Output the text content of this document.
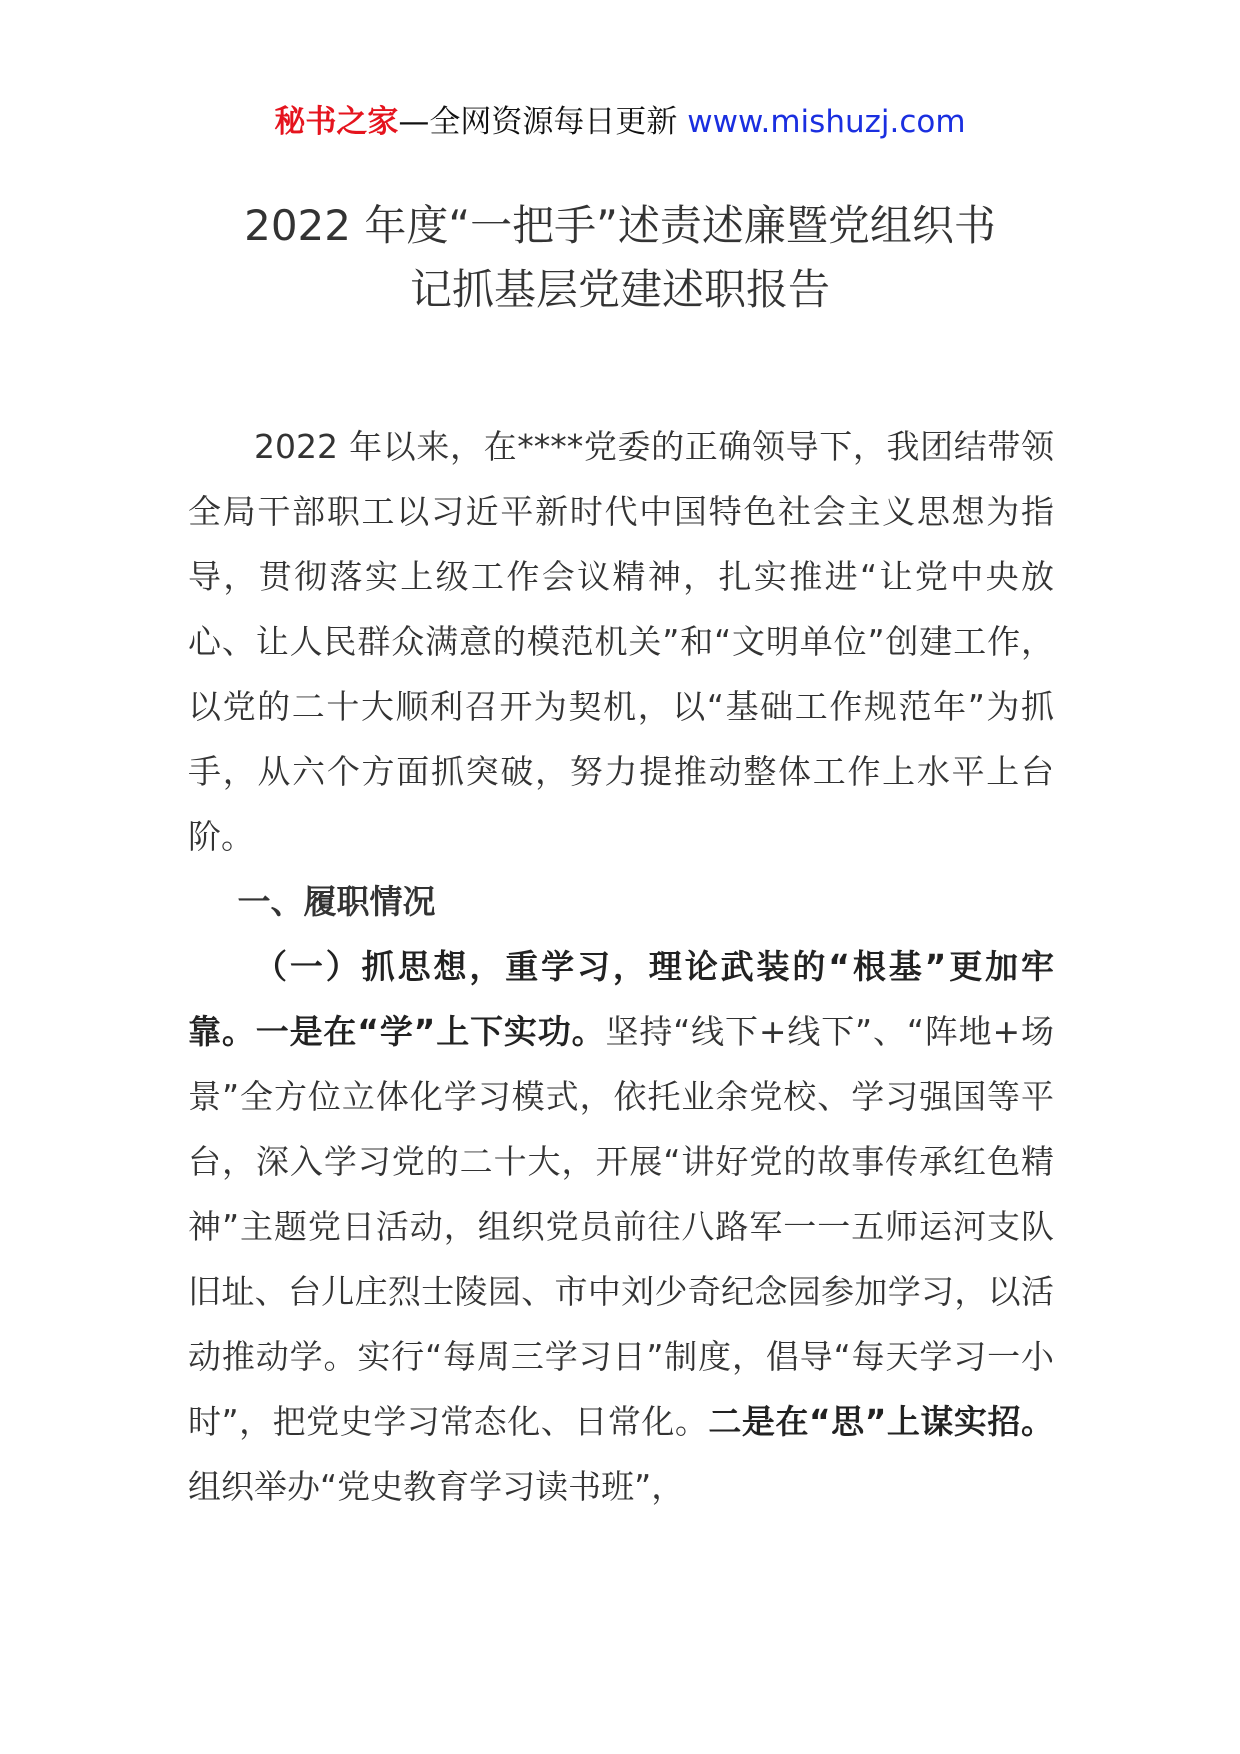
秘书之家—全网资源每日更新 www.mishuzj.com
2022 年度“一把手”述责述廉暨党组织书
记抓基层党建述职报告

2022 年以来，在****党委的正确领导下，我团结带领全局干部职工以习近平新时代中国特色社会主义思想为指导，贯彻落实上级工作会议精神，扎实推进“让党中央放心、让人民群众满意的模范机关”和“文明单位”创建工作，以党的二十大顺利召开为契机，以“基础工作规范年”为抓手，从六个方面抓突破，努力提推动整体工作上水平上台阶。

一、履职情况

（一）抓思想，重学习，理论武装的“根基”更加牢靠。一是在“学”上下实功。坚持“线下+线下”、“阵地+场景”全方位立体化学习模式，依托业余党校、学习强国等平台，深入学习党的二十大，开展“讲好党的故事传承红色精神”主题党日活动，组织党员前往八路军一一五师运河支队旧址、台儿庄烈士陵园、市中刘少奇纪念园参加学习，以活动推动学。实行“每周三学习日”制度，倡导“每天学习一小时”，把党史学习常态化、日常化。二是在“思”上谋实招。组织举办“党史教育学习读书班”，
